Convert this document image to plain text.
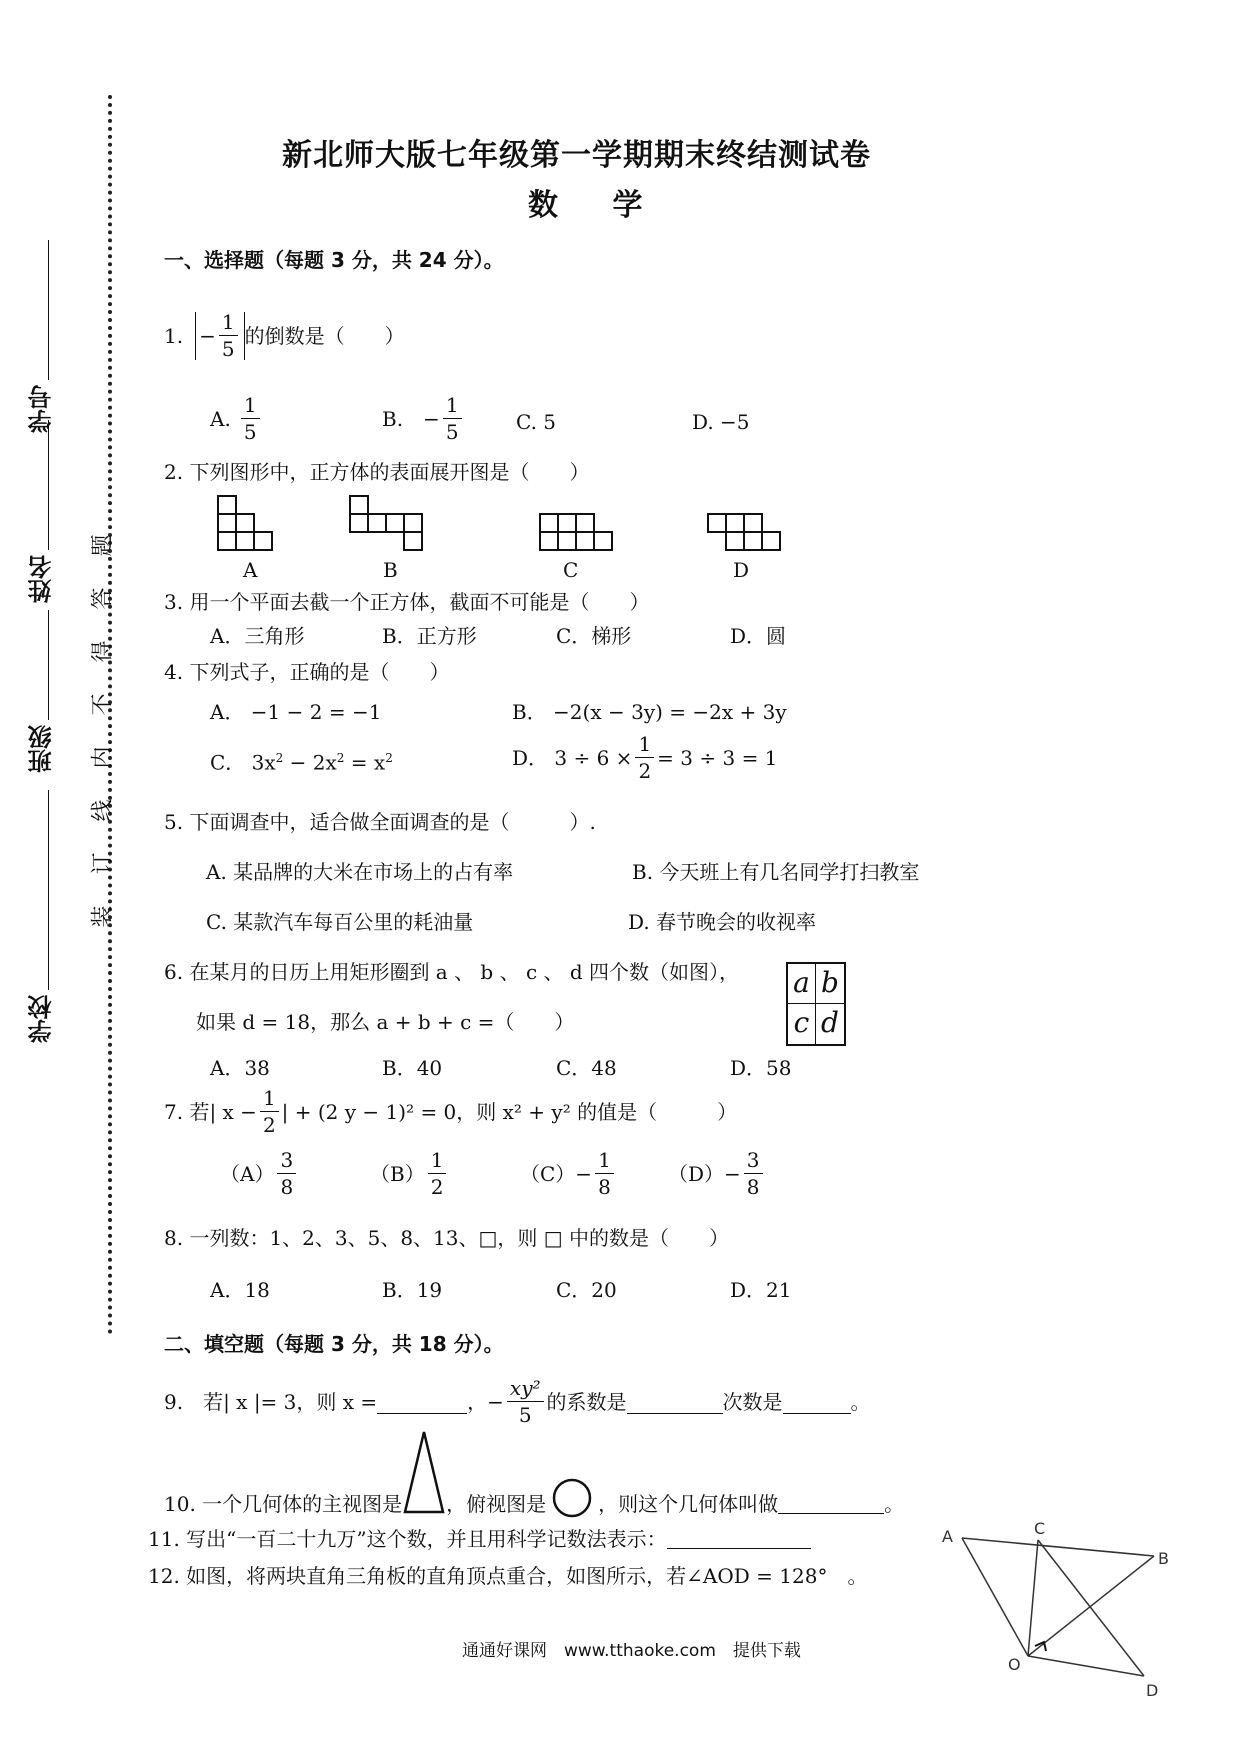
学号
姓名
班级
学校
题
答
得
不
内
线
订
装
新北师大版七年级第一学期期末终结测试卷
数 学
一、选择题（每题 3 分，共 24 分）。
1. − $\frac{1}{5}$ 的倒数是（　　）
A. $\frac{1}{5}$	B.　− $\frac{1}{5}$	C. 5	D. −5
2. 下列图形中，正方体的表面展开图是（　　）
A	B	C	D
3. 用一个平面去截一个正方体，截面不可能是（　　）
A．三角形	B．正方形	C．梯形	D．圆
4. 下列式子，正确的是（　　）
A． −1 − 2 = −1	B． −2(x − 3y) = −2x + 3y
C． $3x^2 - 2x^2 = x^2$	D． $3 \div 6 \times \frac{1}{2} = 3 \div 3 = 1$
5. 下面调查中，适合做全面调查的是（　　　）.
A. 某品牌的大米在市场上的占有率	B. 今天班上有几名同学打扫教室
C. 某款汽车每百公里的耗油量	D. 春节晚会的收视率
6. 在某月的日历上用矩形圈到 a 、 b 、 c 、 d 四个数（如图），
如果 d = 18，那么 a + b + c =（　　）
a b
c d
A．38	B．40	C．48	D．58
7. 若| $x - \frac{1}{2}$ | + (2 y − 1)² = 0，则 x² + y² 的值是（　　　）
$(A) \frac{3}{8}$	$(B) \frac{1}{2}$	$(C)- \frac{1}{8}$	$(D)- \frac{3}{8}$
8. 一列数：1、2、3、5、8、13、□，则 □ 中的数是（　　）
A．18	B．19	C．20	D．21
二、填空题（每题 3 分，共 18 分）。
9.　若| x |= 3，则 x =	，− $\frac{\text{xy²}}{5}$ 的系数是	次数是	。
10. 一个几何体的主视图是 ，俯视图是	，则这个几何体叫做	。
11. 写出“一百二十九万”这个数，并且用科学记数法表示：
12. 如图，将两块直角三角板的直角顶点重合，如图所示，若∠AOD = 128°　。
A	C
B
O
D
通通好课网　www.tthaoke.com　提供下载
